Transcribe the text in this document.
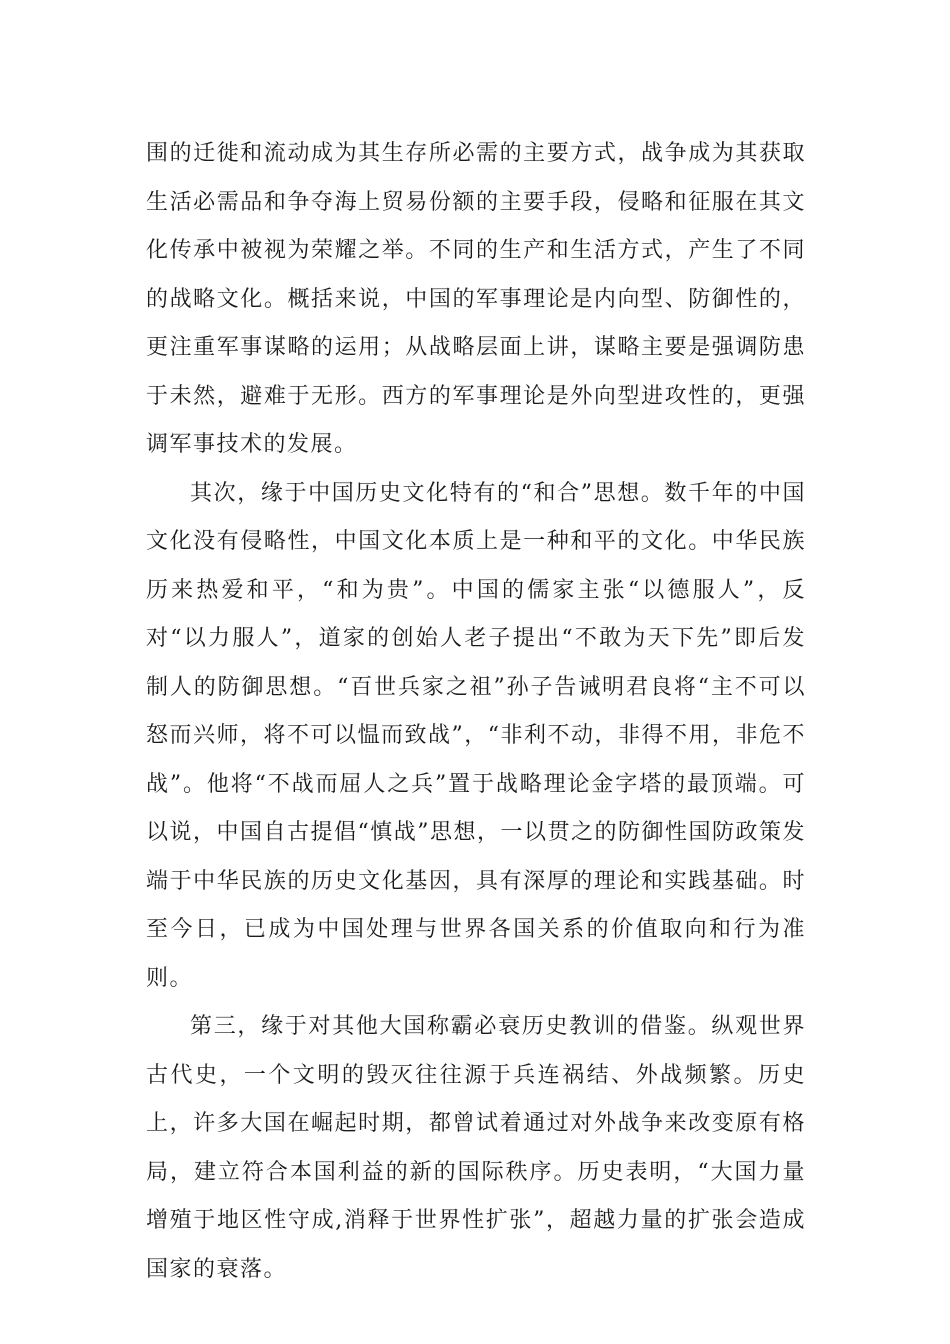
围的迁徙和流动成为其生存所必需的主要方式，战争成为其获取生活必需品和争夺海上贸易份额的主要手段，侵略和征服在其文化传承中被视为荣耀之举。不同的生产和生活方式，产生了不同的战略文化。概括来说，中国的军事理论是内向型、防御性的，更注重军事谋略的运用；从战略层面上讲，谋略主要是强调防患于未然，避难于无形。西方的军事理论是外向型进攻性的，更强调军事技术的发展。

其次，缘于中国历史文化特有的“和合”思想。数千年的中国文化没有侵略性，中国文化本质上是一种和平的文化。中华民族历来热爱和平，“和为贵”。中国的儒家主张“以德服人”，反对“以力服人”，道家的创始人老子提出“不敢为天下先”即后发制人的防御思想。“百世兵家之祖”孙子告诫明君良将“主不可以怒而兴师，将不可以愠而致战”，“非利不动，非得不用，非危不战”。他将“不战而屈人之兵”置于战略理论金字塔的最顶端。可以说，中国自古提倡“慎战”思想，一以贯之的防御性国防政策发端于中华民族的历史文化基因，具有深厚的理论和实践基础。时至今日，已成为中国处理与世界各国关系的价值取向和行为准则。

第三，缘于对其他大国称霸必衰历史教训的借鉴。纵观世界古代史，一个文明的毁灭往往源于兵连祸结、外战频繁。历史上，许多大国在崛起时期，都曾试着通过对外战争来改变原有格局，建立符合本国利益的新的国际秩序。历史表明，“大国力量增殖于地区性守成,消释于世界性扩张”，超越力量的扩张会造成国家的衰落。
